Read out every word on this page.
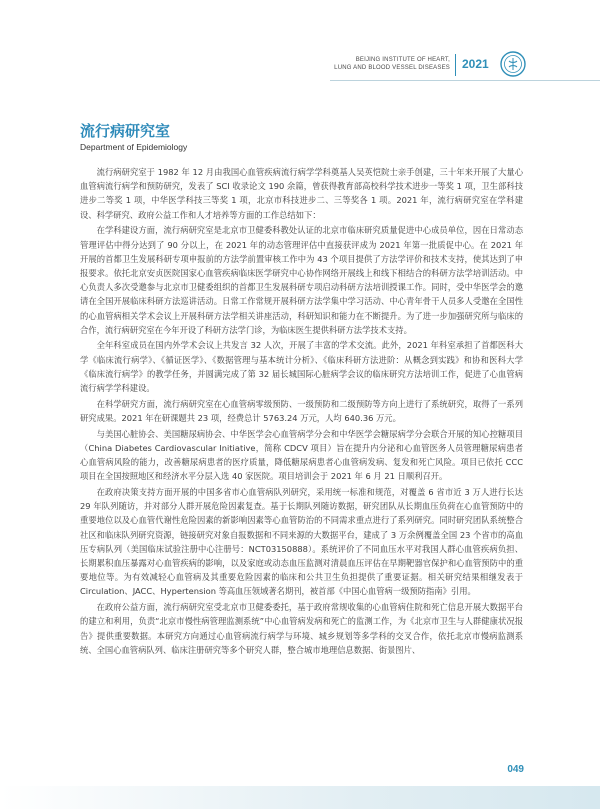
BEIJING INSTITUTE OF HEART,
LUNG AND BLOOD VESSEL DISEASES 2021
流行病研究室
Department of Epidemiology

流行病研究室于 1982 年 12 月由我国心血管疾病流行病学学科奠基人吴英恺院士亲手创建，三十年来开展了大量心血管病流行病学和预防研究，发表了 SCI 收录论文 190 余篇，曾获得教育部高校科学技术进步一等奖 1 项，卫生部科技进步二等奖 1 项，中华医学科技三等奖 1 项，北京市科技进步二、三等奖各 1 项。2021 年，流行病研究室在学科建设、科学研究、政府公益工作和人才培养等方面的工作总结如下：

在学科建设方面，流行病研究室是北京市卫健委科教处认证的北京市临床研究质量促进中心成员单位，因在日常动态管理评估中得分达到了 90 分以上，在 2021 年的动态管理评估中直接获评成为 2021 年第一批质促中心。在 2021 年开展的首都卫生发展科研专项申报前的方法学前置审核工作中为 43 个项目提供了方法学评价和技术支持，使其达到了申报要求。依托北京安贞医院国家心血管疾病临床医学研究中心协作网络开展线上和线下相结合的科研方法学培训活动。中心负责人多次受邀参与北京市卫健委组织的首都卫生发展科研专项启动科研方法培训授课工作。同时，受中华医学会的邀请在全国开展临床科研方法巡讲活动。日常工作常规开展科研方法学集中学习活动、中心青年骨干人员多人受邀在全国性的心血管病相关学术会议上开展科研方法学相关讲座活动，科研知识和能力在不断提升。为了进一步加强研究所与临床的合作，流行病研究室在今年开设了科研方法学门诊，为临床医生提供科研方法学技术支持。

全年科室成员在国内外学术会议上共发言 32 人次，开展了丰富的学术交流。此外，2021 年科室承担了首都医科大学《临床流行病学》、《循证医学》、《数据管理与基本统计分析》、《临床科研方法进阶：从概念到实践》和协和医科大学《临床流行病学》的教学任务，并圆满完成了第 32 届长城国际心脏病学会议的临床研究方法培训工作，促进了心血管病流行病学学科建设。

在科学研究方面，流行病研究室在心血管病零级预防、一级预防和二级预防等方向上进行了系统研究，取得了一系列研究成果。2021 年在研课题共 23 项，经费总计 5763.24 万元，人均 640.36 万元。

与美国心脏协会、美国糖尿病协会、中华医学会心血管病学分会和中华医学会糖尿病学分会联合开展的知心控糖项目（China Diabetes Cardiovascular Initiative，简称 CDCV 项目）旨在提升内分泌和心血管医务人员管理糖尿病患者心血管病风险的能力，改善糖尿病患者的医疗质量，降低糖尿病患者心血管病发病、复发和死亡风险。项目已依托 CCC 项目在全国按照地区和经济水平分层入选 40 家医院。项目培训会于 2021 年 6 月 21 日顺利召开。

在政府决策支持方面开展的中国多省市心血管病队列研究，采用统一标准和规范，对覆盖 6 省市近 3 万人进行长达 29 年队列随访，并对部分人群开展危险因素复查。基于长期队列随访数据，研究团队从长期血压负荷在心血管预防中的重要地位以及心血管代谢性危险因素的新影响因素等心血管防治的不同需求重点进行了系列研究。同时研究团队系统整合社区和临床队列研究资源，链接研究对象自报数据和不同来源的大数据平台，建成了 3 万余例覆盖全国 23 个省市的高血压专病队列（美国临床试验注册中心注册号：NCT03150888）。系统评价了不同血压水平对我国人群心血管疾病负担、长期累积血压暴露对心血管疾病的影响，以及家庭或动态血压监测对清晨血压评估在早期靶器官保护和心血管预防中的重要地位等。为有效减轻心血管病及其重要危险因素的临床和公共卫生负担提供了重要证据。相关研究结果相继发表于 Circulation、JACC、Hypertension 等高血压领域著名期刊，被首部《中国心血管病一级预防指南》引用。

在政府公益方面，流行病研究室受北京市卫健委委托，基于政府常规收集的心血管病住院和死亡信息开展大数据平台的建立和利用，负责“北京市慢性病管理监测系统”中心血管病发病和死亡的监测工作，为《北京市卫生与人群健康状况报告》提供重要数据。本研究方向通过心血管病流行病学与环境、城乡规划等多学科的交叉合作，依托北京市慢病监测系统、全国心血管病队列、临床注册研究等多个研究人群，整合城市地理信息数据、街景图片、

049
